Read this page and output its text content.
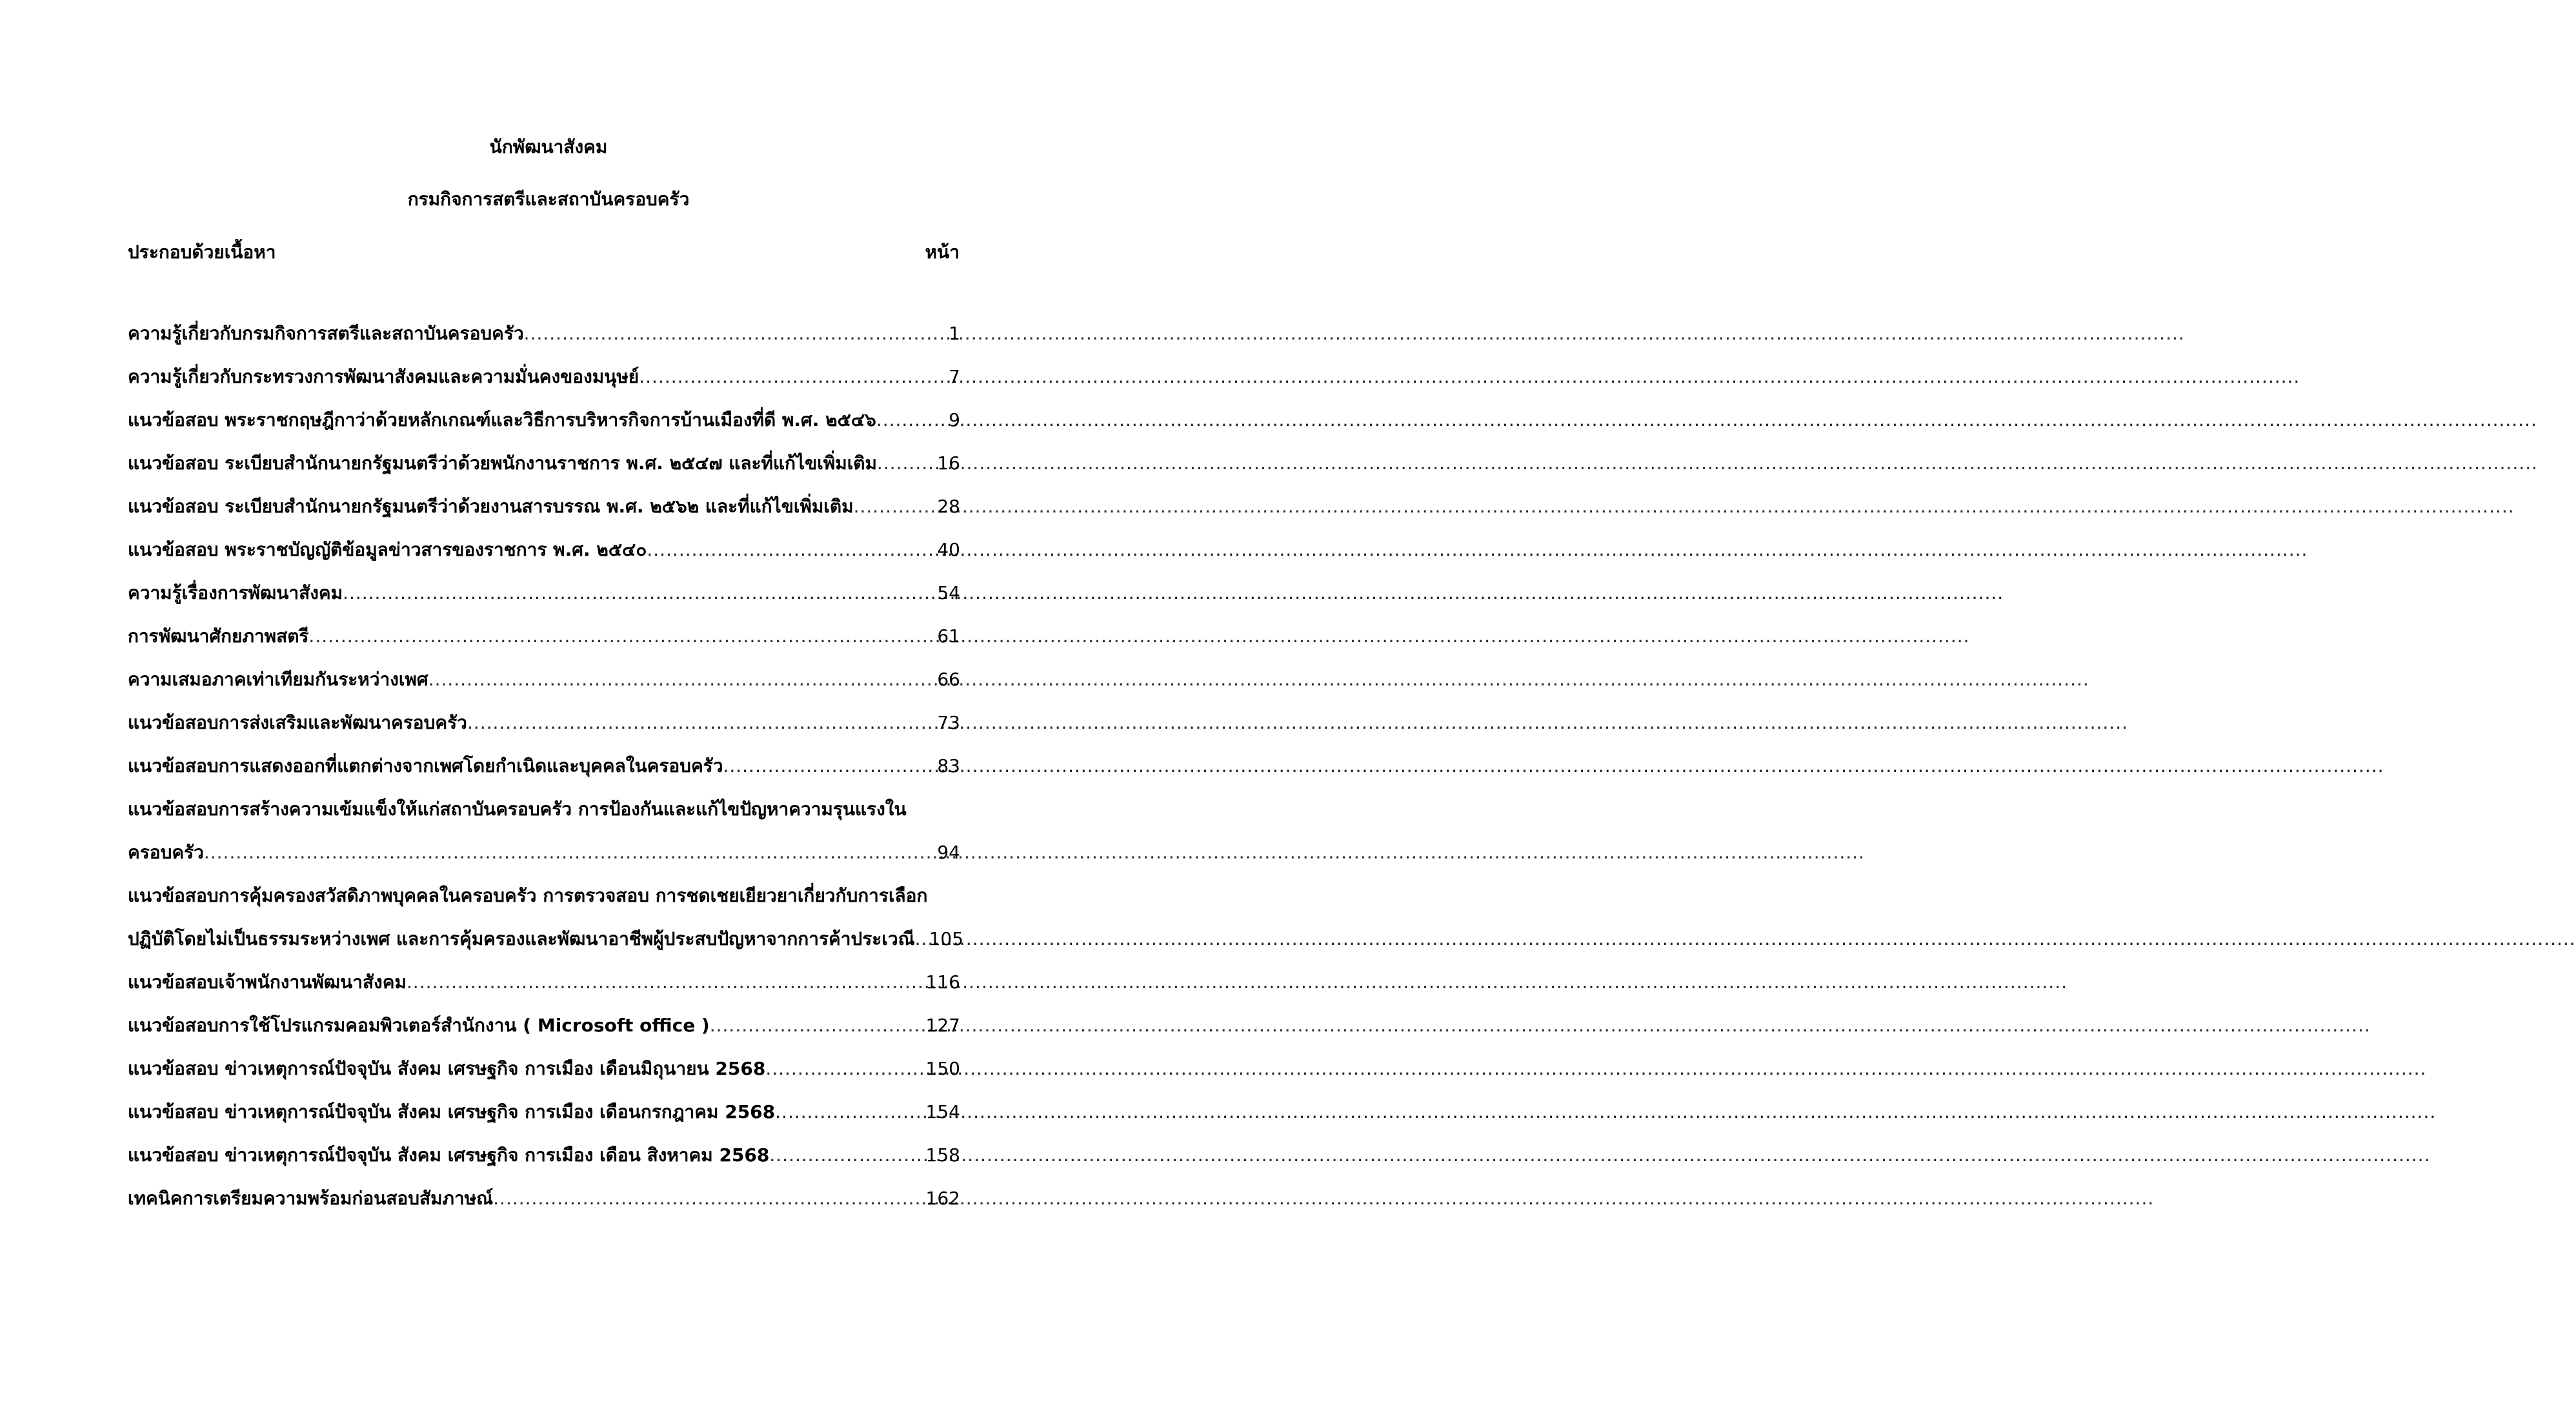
นักพัฒนาสังคม
กรมกิจการสตรีและสถาบันครอบครัว
ประกอบด้วยเนื้อหา	หน้า
ความรู้เกี่ยวกับกรมกิจการสตรีและสถาบันครอบครัว .....	1
ความรู้เกี่ยวกับกระทรวงการพัฒนาสังคมและความมั่นคงของมนุษย์ .....	7
แนวข้อสอบ พระราชกฤษฎีกาว่าด้วยหลักเกณฑ์และวิธีการบริหารกิจการบ้านเมืองที่ดี พ.ศ. ๒๕๔๖ .....	9
แนวข้อสอบ ระเบียบสำนักนายกรัฐมนตรีว่าด้วยพนักงานราชการ พ.ศ. ๒๕๔๗ และที่แก้ไขเพิ่มเติม .....	16
แนวข้อสอบ ระเบียบสำนักนายกรัฐมนตรีว่าด้วยงานสารบรรณ พ.ศ. ๒๕๖๒ และที่แก้ไขเพิ่มเติม .....	28
แนวข้อสอบ พระราชบัญญัติข้อมูลข่าวสารของราชการ พ.ศ. ๒๕๔๐ .....	40
ความรู้เรื่องการพัฒนาสังคม .....	54
การพัฒนาศักยภาพสตรี .....	61
ความเสมอภาคเท่าเทียมกันระหว่างเพศ .....	66
แนวข้อสอบการส่งเสริมและพัฒนาครอบครัว .....	73
แนวข้อสอบการแสดงออกที่แตกต่างจากเพศโดยกำเนิดและบุคคลในครอบครัว .....	83
แนวข้อสอบการสร้างความเข้มแข็งให้แก่สถาบันครอบครัว การป้องกันและแก้ไขปัญหาความรุนแรงใน
ครอบครัว .....	94
แนวข้อสอบการคุ้มครองสวัสดิภาพบุคคลในครอบครัว การตรวจสอบ การชดเชยเยียวยาเกี่ยวกับการเลือก
ปฏิบัติโดยไม่เป็นธรรมระหว่างเพศ และการคุ้มครองและพัฒนาอาชีพผู้ประสบปัญหาจากการค้าประเวณี ..... 105
แนวข้อสอบเจ้าพนักงานพัฒนาสังคม .....	116
แนวข้อสอบการใช้โปรแกรมคอมพิวเตอร์สำนักงาน ( Microsoft office ) .....	127
แนวข้อสอบ ข่าวเหตุการณ์ปัจจุบัน สังคม เศรษฐกิจ การเมือง เดือนมิถุนายน 2568 .....	150
แนวข้อสอบ ข่าวเหตุการณ์ปัจจุบัน สังคม เศรษฐกิจ การเมือง เดือนกรกฎาคม 2568 .....	154
แนวข้อสอบ ข่าวเหตุการณ์ปัจจุบัน สังคม เศรษฐกิจ การเมือง เดือน สิงหาคม 2568 .....	158
เทคนิคการเตรียมความพร้อมก่อนสอบสัมภาษณ์ .....	162
